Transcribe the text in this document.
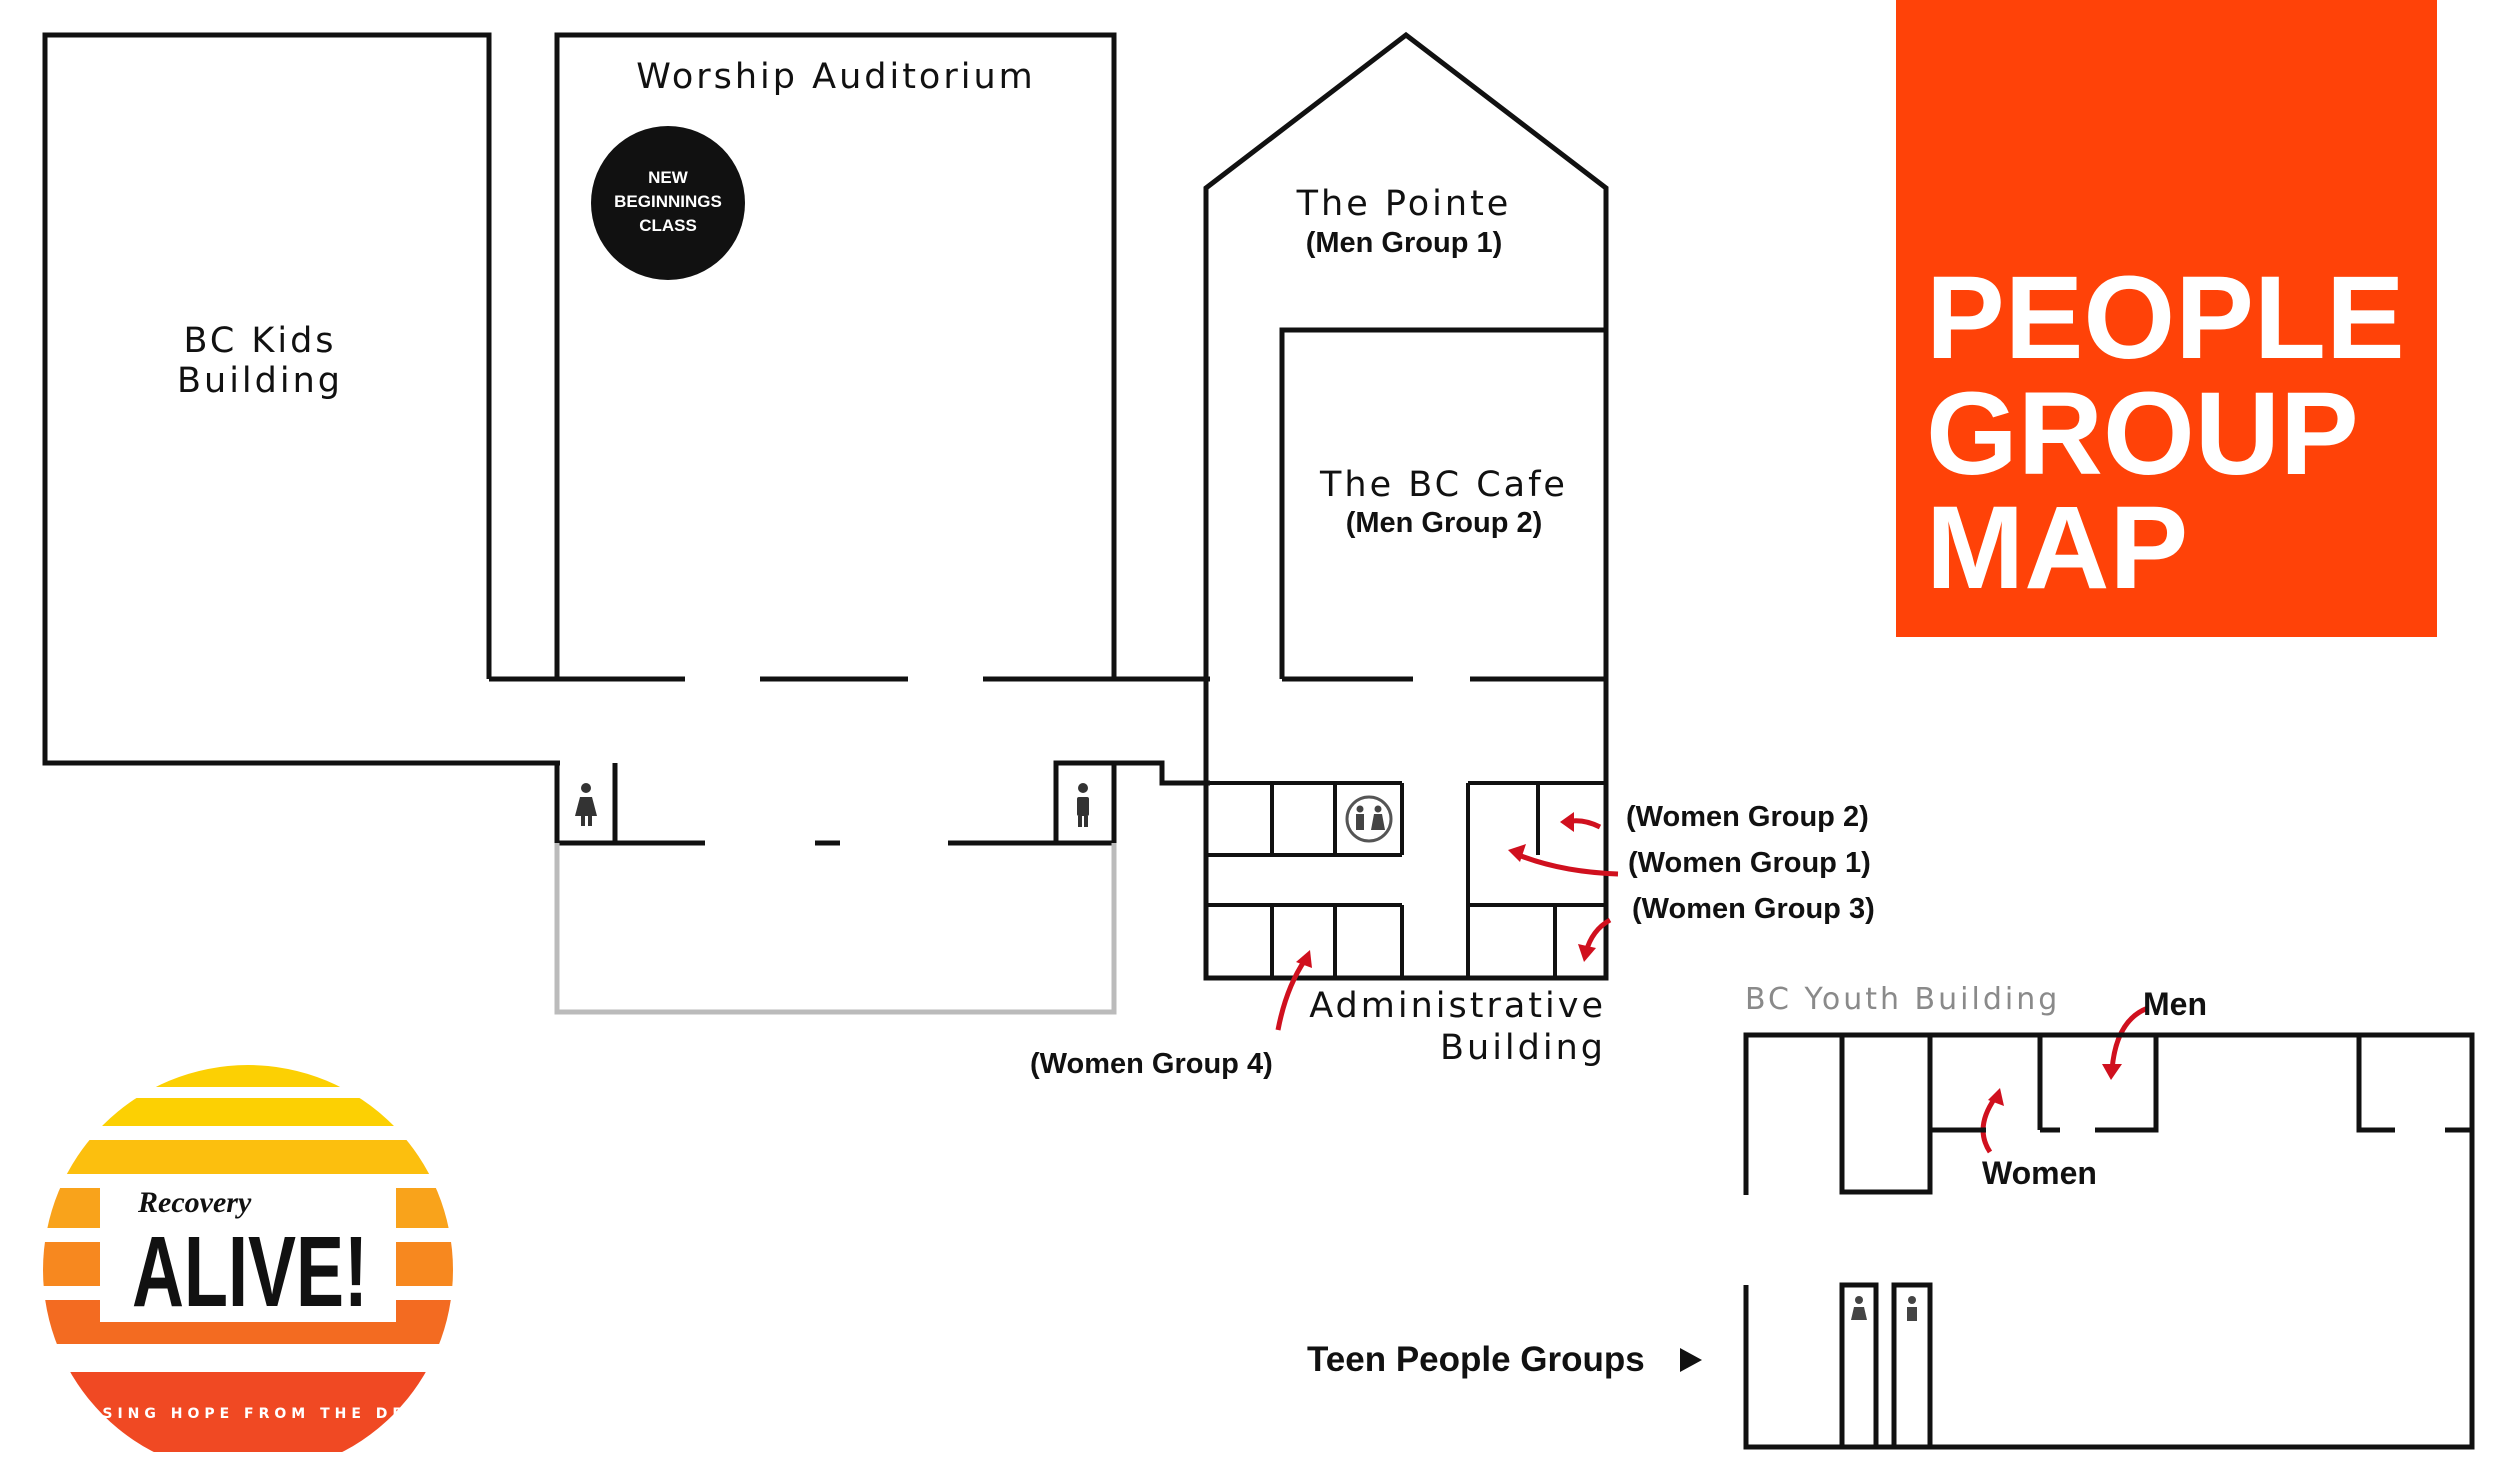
BC Kids
Building
Worship Auditorium
NEW
BEGINNINGS
CLASS
The Pointe
(Men Group 1)
The BC Cafe
(Men Group 2)
Administrative
Building
(Women Group 2)
(Women Group 1)
(Women Group 3)
(Women Group 4)
PEOPLE
GROUP
MAP
BC Youth Building	Men
Women
Teen People Groups
Recovery
ALIVE!
RAISING HOPE FROM THE DEAD
